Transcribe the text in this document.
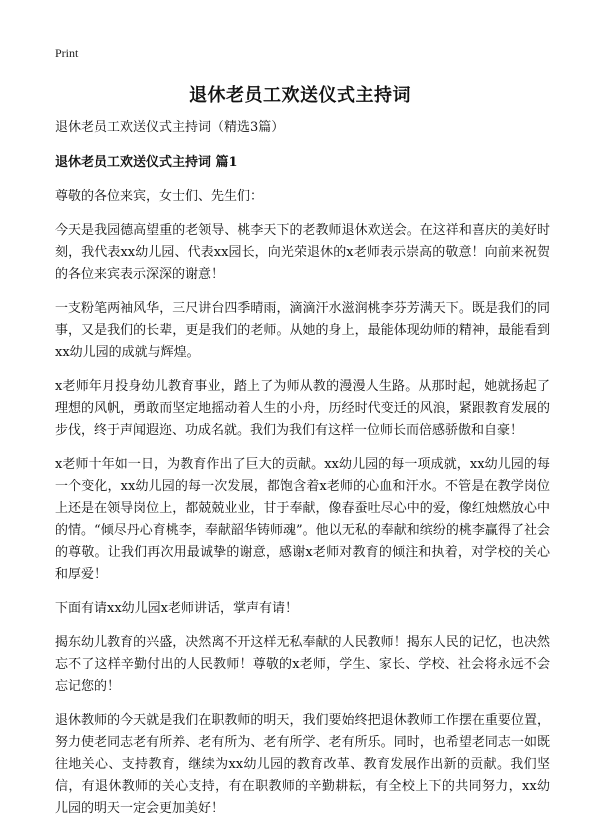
Print
退休老员工欢送仪式主持词

退休老员工欢送仪式主持词（精选3篇）

退休老员工欢送仪式主持词 篇1

尊敬的各位来宾，女士们、先生们：

今天是我园德高望重的老领导、桃李天下的老教师退休欢送会。在这祥和喜庆的美好时刻，我代表xx幼儿园、代表xx园长，向光荣退休的x老师表示崇高的敬意！向前来祝贺的各位来宾表示深深的谢意！

一支粉笔两袖风华，三尺讲台四季晴雨，滴滴汗水滋润桃李芬芳满天下。既是我们的同事，又是我们的长辈，更是我们的老师。从她的身上，最能体现幼师的精神，最能看到xx幼儿园的成就与辉煌。

x老师年月投身幼儿教育事业，踏上了为师从教的漫漫人生路。从那时起，她就扬起了理想的风帆，勇敢而坚定地摇动着人生的小舟，历经时代变迁的风浪，紧跟教育发展的步伐，终于声闻遐迩、功成名就。我们为我们有这样一位师长而倍感骄傲和自豪！

x老师十年如一日，为教育作出了巨大的贡献。xx幼儿园的每一项成就，xx幼儿园的每一个变化，xx幼儿园的每一次发展，都饱含着x老师的心血和汗水。不管是在教学岗位上还是在领导岗位上，都兢兢业业，甘于奉献，像春蚕吐尽心中的爱，像红烛燃放心中的情。“倾尽丹心育桃李，奉献韶华铸师魂”。他以无私的奉献和缤纷的桃李赢得了社会的尊敬。让我们再次用最诚挚的谢意，感谢x老师对教育的倾注和执着，对学校的关心和厚爱！

下面有请xx幼儿园x老师讲话，掌声有请！

揭东幼儿教育的兴盛，决然离不开这样无私奉献的人民教师！揭东人民的记忆，也决然忘不了这样辛勤付出的人民教师！尊敬的x老师，学生、家长、学校、社会将永远不会忘记您的！

退休教师的今天就是我们在职教师的明天，我们要始终把退休教师工作摆在重要位置，努力使老同志老有所养、老有所为、老有所学、老有所乐。同时，也希望老同志一如既往地关心、支持教育，继续为xx幼儿园的教育改革、教育发展作出新的贡献。我们坚信，有退休教师的关心支持，有在职教师的辛勤耕耘，有全校上下的共同努力，xx幼儿园的明天一定会更加美好！
